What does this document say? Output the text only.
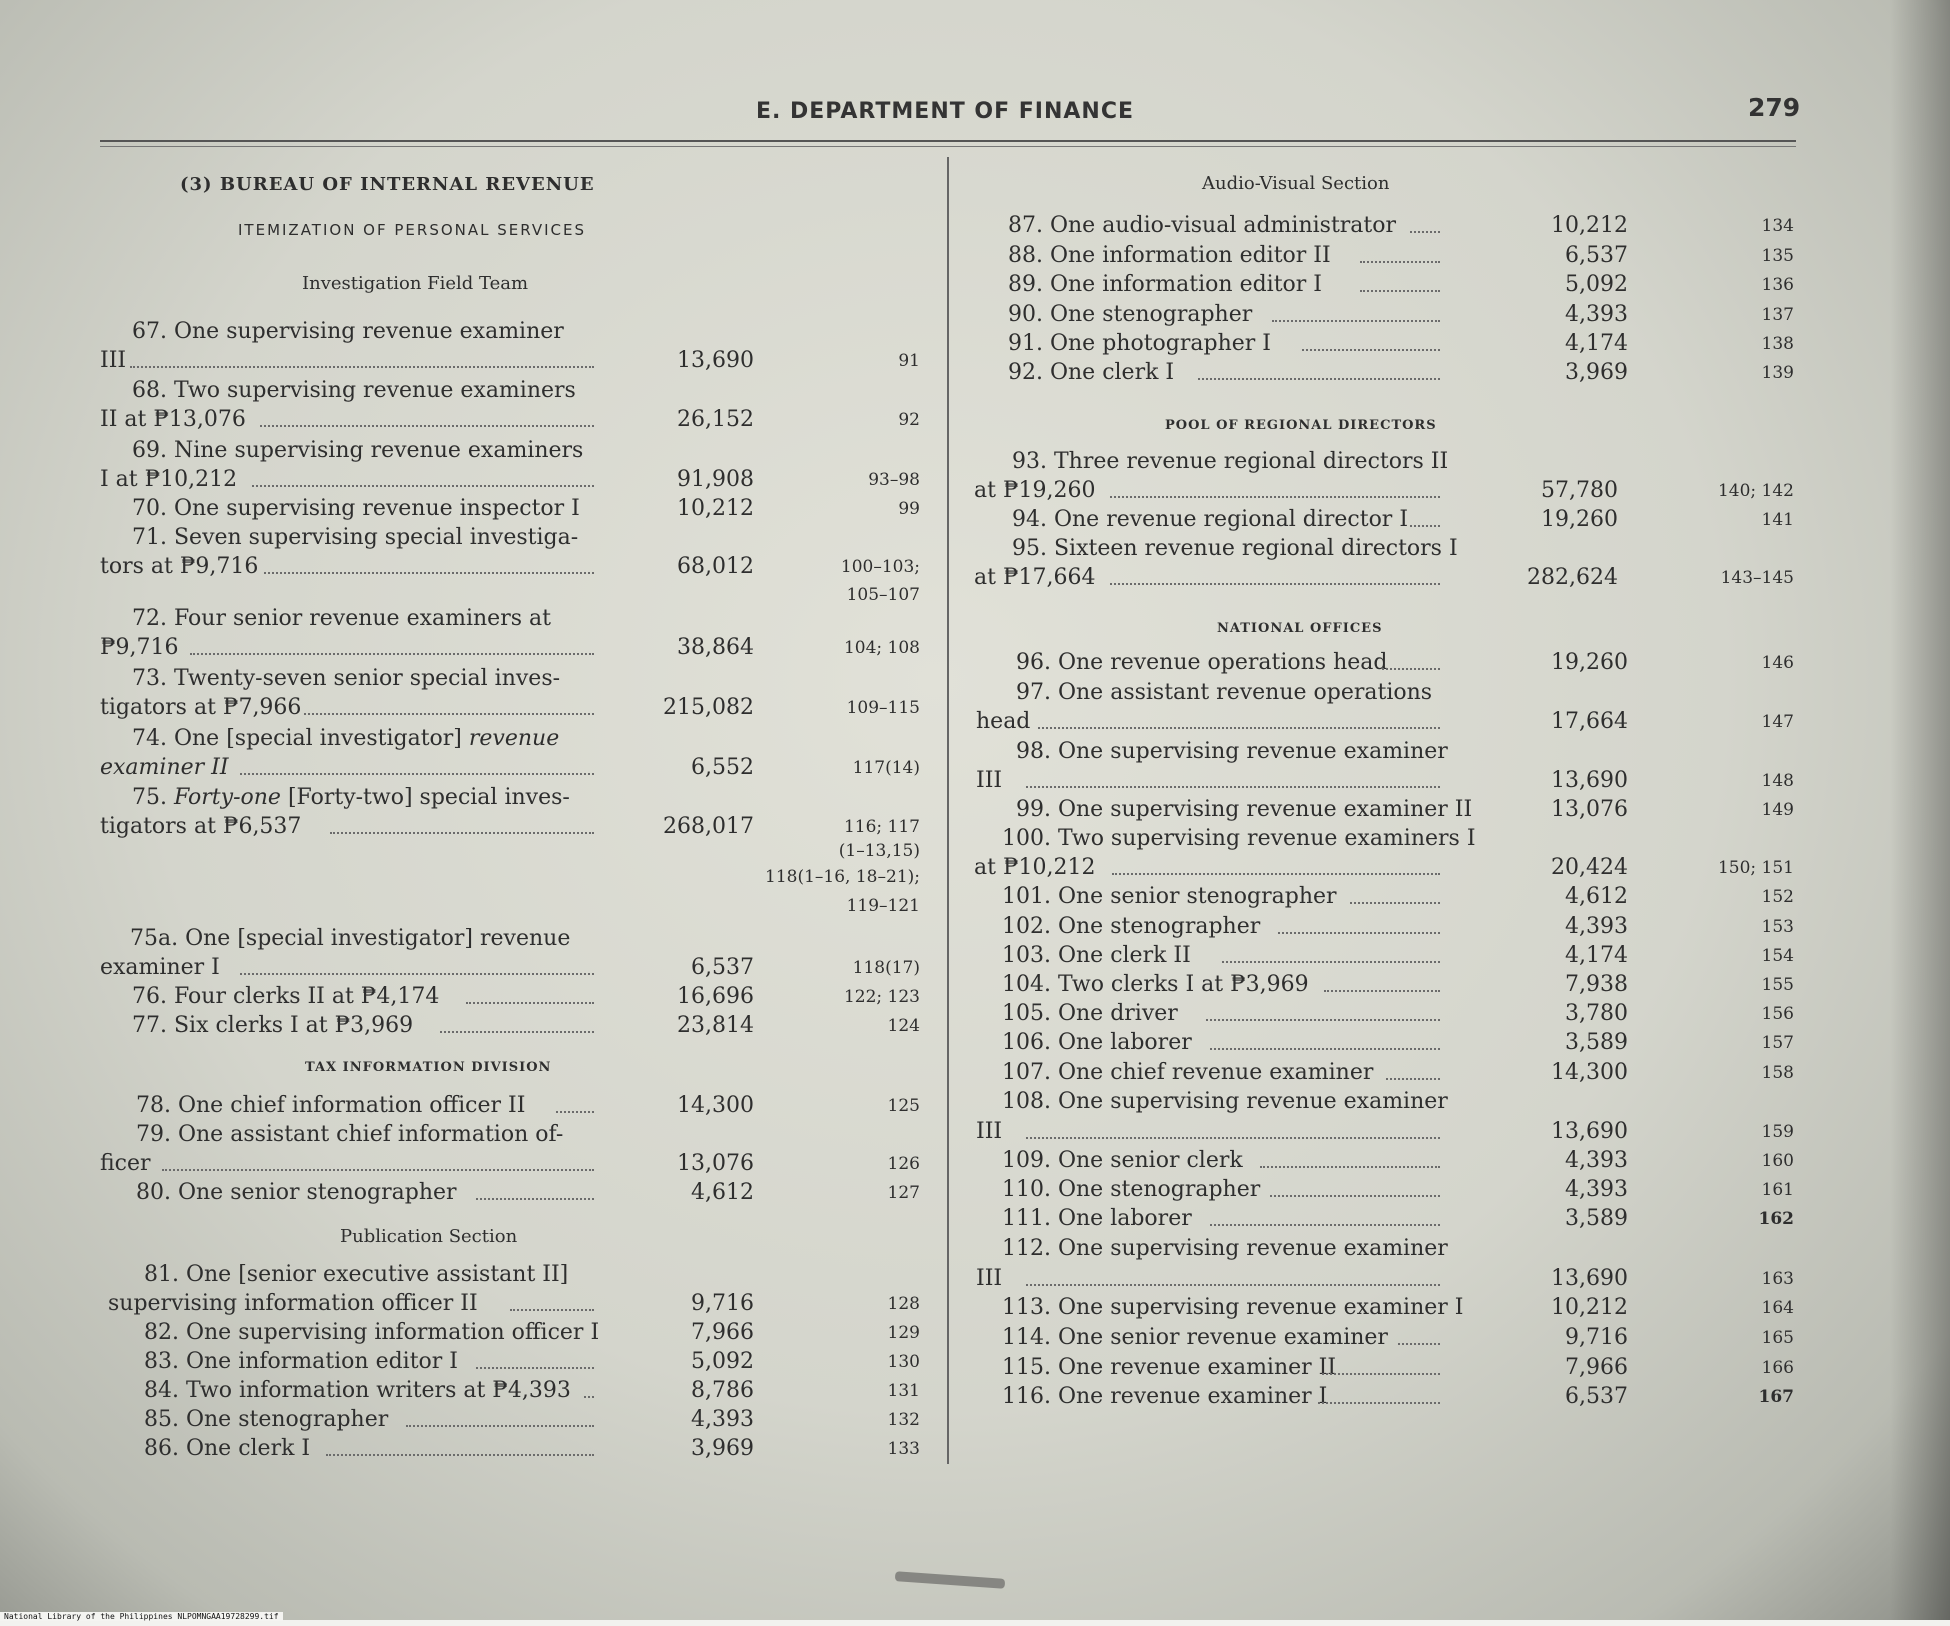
E. DEPARTMENT OF FINANCE	279
(3) BUREAU OF INTERNAL REVENUE
ITEMIZATION OF PERSONAL SERVICES
Investigation Field Team
67. One supervising revenue examiner
III	13,690	91
68. Two supervising revenue examiners
II at ₱13,076	26,152	92
69. Nine supervising revenue examiners
I at ₱10,212	91,908	93–98
70. One supervising revenue inspector I	10,212	99
71. Seven supervising special investiga-
tors at ₱9,716	68,012	100–103;
105–107
72. Four senior revenue examiners at
₱9,716	38,864	104; 108
73. Twenty-seven senior special inves-
tigators at ₱7,966	215,082	109–115
74. One [special investigator] revenue
examiner II	6,552	117(14)
75. Forty-one [Forty-two] special inves-
tigators at ₱6,537	268,017	116; 117
(1–13,15)
118(1–16, 18–21);
119–121
75a. One [special investigator] revenue
examiner I	6,537	118(17)
76. Four clerks II at ₱4,174	16,696	122; 123
77. Six clerks I at ₱3,969	23,814	124
TAX INFORMATION DIVISION
78. One chief information officer II	14,300	125
79. One assistant chief information of-
ficer	13,076	126
80. One senior stenographer	4,612	127
Publication Section
81. One [senior executive assistant II]
supervising information officer II	9,716	128
82. One supervising information officer I	7,966	129
83. One information editor I	5,092	130
84. Two information writers at ₱4,393	8,786	131
85. One stenographer	4,393	132
86. One clerk I	3,969	133
Audio-Visual Section
87. One audio-visual administrator	10,212	134
88. One information editor II	6,537	135
89. One information editor I	5,092	136
90. One stenographer	4,393	137
91. One photographer I	4,174	138
92. One clerk I	3,969	139
POOL OF REGIONAL DIRECTORS
93. Three revenue regional directors II
at ₱19,260	57,780	140; 142
94. One revenue regional director I	19,260	141
95. Sixteen revenue regional directors I
at ₱17,664	282,624	143–145
NATIONAL OFFICES
96. One revenue operations head	19,260	146
97. One assistant revenue operations
head	17,664	147
98. One supervising revenue examiner
III	13,690	148
99. One supervising revenue examiner II	13,076	149
100. Two supervising revenue examiners I
at ₱10,212	20,424	150; 151
101. One senior stenographer	4,612	152
102. One stenographer	4,393	153
103. One clerk II	4,174	154
104. Two clerks I at ₱3,969	7,938	155
105. One driver	3,780	156
106. One laborer	3,589	157
107. One chief revenue examiner	14,300	158
108. One supervising revenue examiner
III	13,690	159
109. One senior clerk	4,393	160
110. One stenographer	4,393	161
111. One laborer	3,589	162
112. One supervising revenue examiner
III	13,690	163
113. One supervising revenue examiner I	10,212	164
114. One senior revenue examiner	9,716	165
115. One revenue examiner II	7,966	166
116. One revenue examiner I	6,537	167
National Library of the Philippines NLPOMNGAA19728299.tif
